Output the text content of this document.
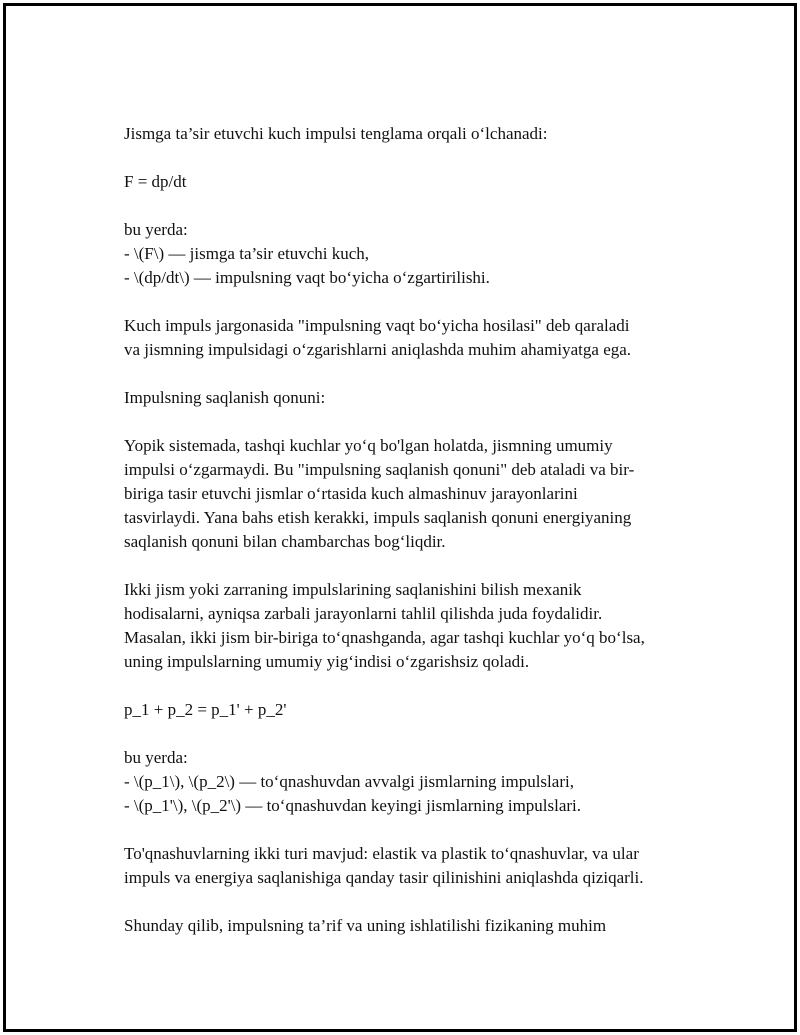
Jismga ta’sir etuvchi kuch impulsi tenglama orqali o‘lchanadi:

F = dp/dt

bu yerda:
- \(F\) — jismga ta’sir etuvchi kuch,
- \(dp/dt\) — impulsning vaqt bo‘yicha o‘zgartirilishi.

Kuch impuls jargonasida "impulsning vaqt bo‘yicha hosilasi" deb qaraladi
va jismning impulsidagi o‘zgarishlarni aniqlashda muhim ahamiyatga ega.

Impulsning saqlanish qonuni:

Yopik sistemada, tashqi kuchlar yo‘q bo'lgan holatda, jismning umumiy
impulsi o‘zgarmaydi. Bu "impulsning saqlanish qonuni" deb ataladi va bir-
biriga tasir etuvchi jismlar o‘rtasida kuch almashinuv jarayonlarini
tasvirlaydi. Yana bahs etish kerakki, impuls saqlanish qonuni energiyaning
saqlanish qonuni bilan chambarchas bog‘liqdir.

Ikki jism yoki zarraning impulslarining saqlanishini bilish mexanik
hodisalarni, ayniqsa zarbali jarayonlarni tahlil qilishda juda foydalidir.
Masalan, ikki jism bir-biriga to‘qnashganda, agar tashqi kuchlar yo‘q bo‘lsa,
uning impulslarning umumiy yig‘indisi o‘zgarishsiz qoladi.

p_1 + p_2 = p_1' + p_2'

bu yerda:
- \(p_1\), \(p_2\) — to‘qnashuvdan avvalgi jismlarning impulslari,
- \(p_1'\), \(p_2'\) — to‘qnashuvdan keyingi jismlarning impulslari.

To'qnashuvlarning ikki turi mavjud: elastik va plastik to‘qnashuvlar, va ular
impuls va energiya saqlanishiga qanday tasir qilinishini aniqlashda qiziqarli.

Shunday qilib, impulsning ta’rif va uning ishlatilishi fizikaning muhim
